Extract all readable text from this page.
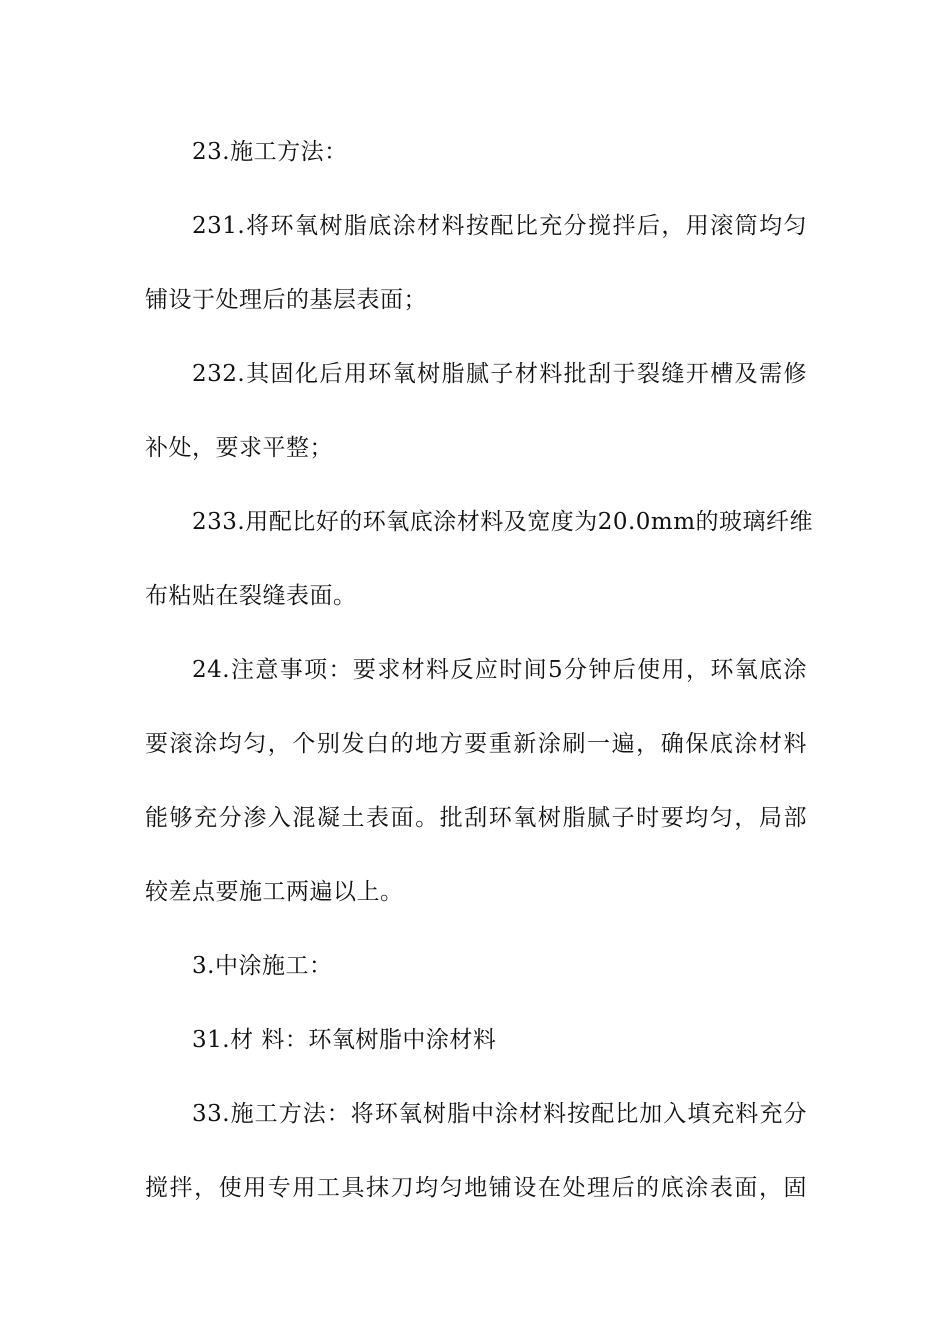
23.施工方法：
231.将环氧树脂底涂材料按配比充分搅拌后，用滚筒均匀
铺设于处理后的基层表面；
232.其固化后用环氧树脂腻子材料批刮于裂缝开槽及需修
补处，要求平整；
233.用配比好的环氧底涂材料及宽度为20.0mm的玻璃纤维
布粘贴在裂缝表面。
24.注意事项：要求材料反应时间5分钟后使用，环氧底涂
要滚涂均匀，个别发白的地方要重新涂刷一遍，确保底涂材料
能够充分渗入混凝土表面。批刮环氧树脂腻子时要均匀，局部
较差点要施工两遍以上。
3.中涂施工：
31.材 料：环氧树脂中涂材料
33.施工方法：将环氧树脂中涂材料按配比加入填充料充分
搅拌，使用专用工具抹刀均匀地铺设在处理后的底涂表面，固
